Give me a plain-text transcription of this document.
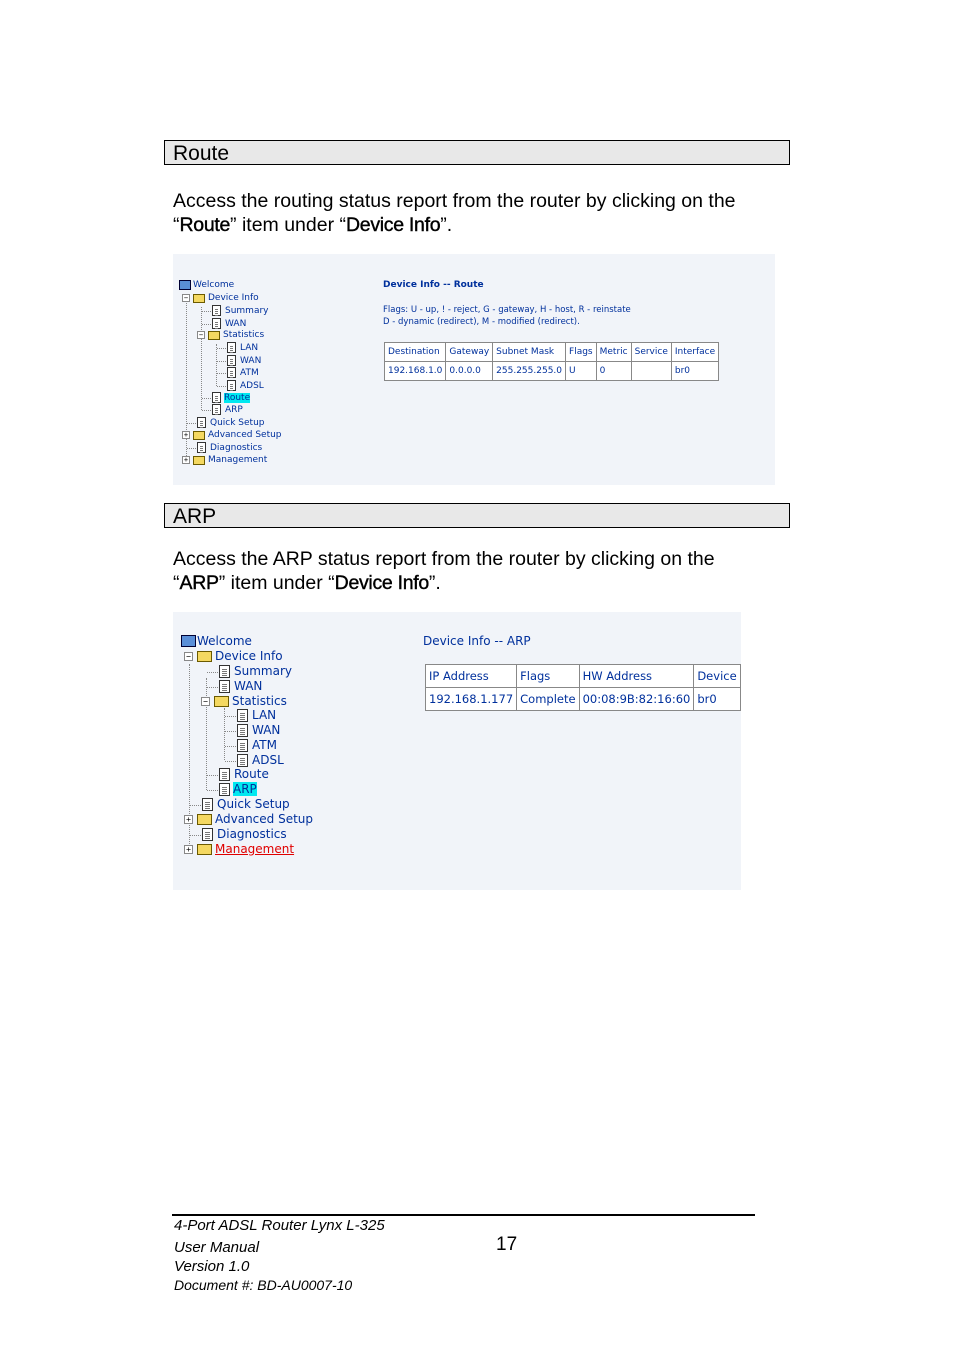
Route
Access the routing status report from the router by clicking on the
“Route” item under “Device Info”.
Welcome
− Device Info
Summary
WAN
− Statistics
LAN
WAN
ATM
ADSL
Route
ARP
Quick Setup
+ Advanced Setup
Diagnostics
+ Management
Device Info -- Route
Flags: U - up, ! - reject, G - gateway, H - host, R - reinstate
D - dynamic (redirect), M - modified (redirect).
Destination	Gateway	Subnet Mask	Flags	Metric	Service	Interface
192.168.1.0	0.0.0.0	255.255.255.0	U	0		br0
ARP
Access the ARP status report from the router by clicking on the
“ARP” item under “Device Info”.
Welcome
− Device Info
Summary
WAN
− Statistics
LAN
WAN
ATM
ADSL
Route
ARP
Quick Setup
+ Advanced Setup
Diagnostics
+ Management
Device Info -- ARP
IP Address	Flags	HW Address	Device
192.168.1.177	Complete	00:08:9B:82:16:60	br0
4-Port ADSL Router Lynx L-325
User Manual
Version 1.0
Document #: BD-AU0007-10
17
